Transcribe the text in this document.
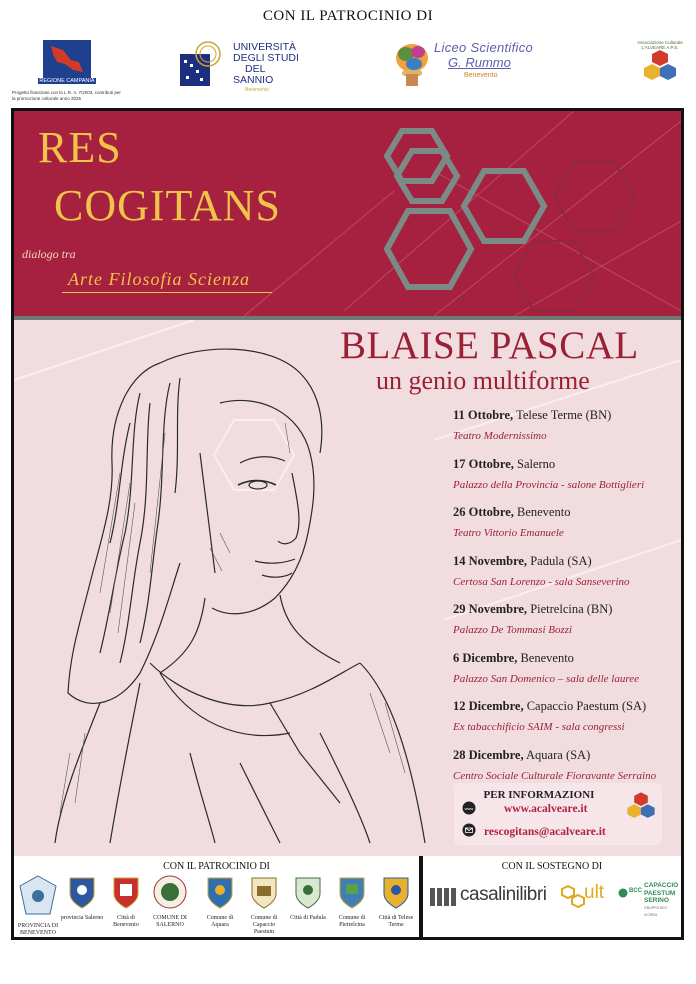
CON IL PATROCINIO DI
REGIONE CAMPANIA
Progetto finanziato con la L.R. n. 7/2003, contributi per la promozione culturale anno 2025
UNIVERSITÀ
DEGLI STUDI
DEL
SANNIO
Benevento
Liceo Scientifico
G. Rummo
Benevento
Associazione Culturale L'ALVEARE A.P.S.
RES
COGITANS
dialogo tra
Arte Filosofia Scienza
BLAISE PASCAL
un genio multiforme
11 Ottobre, Telese Terme (BN)
Teatro Modernissimo
17 Ottobre, Salerno
Palazzo della Provincia - salone Bottiglieri
26 Ottobre, Benevento
Teatro Vittorio Emanuele
14 Novembre, Padula (SA)
Certosa San Lorenzo - sala Sanseverino
29 Novembre, Pietrelcina (BN)
Palazzo De Tommasi Bozzi
6 Dicembre, Benevento
Palazzo San Domenico – sala delle lauree
12 Dicembre, Capaccio Paestum (SA)
Ex tabacchificio SAIM - sala congressi
28 Dicembre, Aquara (SA)
Centro Sociale Culturale Fioravante Serraino
PER INFORMAZIONI
www	www.acalveare.it
rescogitans@acalveare.it
CON IL PATROCINIO DI	CON IL SOSTEGNO DI
PROVINCIA DI BENEVENTO
provincia Salerno	Città di Benevento
COMUNE DI SALERNO
Comune di Aquara
Comune di Capaccio Paestum
Città di Padula	Comune di Pietrelcina
Città di Telese Terme
casalinilibri ult	BCC
CAPACCIO
PAESTUM
SERINO
GRUPPO BCC ICCREA
